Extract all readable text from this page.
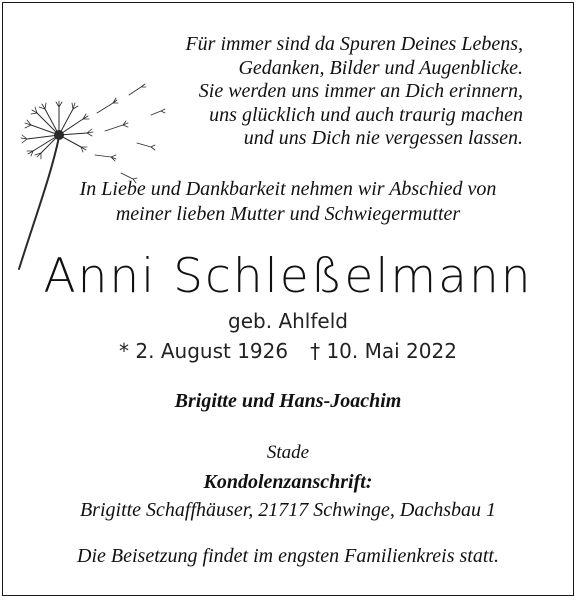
Für immer sind da Spuren Deines Lebens,
Gedanken, Bilder und Augenblicke.
Sie werden uns immer an Dich erinnern,
uns glücklich und auch traurig machen
und uns Dich nie vergessen lassen.
In Liebe und Dankbarkeit nehmen wir Abschied von
meiner lieben Mutter und Schwiegermutter
Anni Schleßelmann
geb. Ahlfeld
* 2. August 1926 † 10. Mai 2022
Brigitte und Hans-Joachim
Stade
Kondolenzanschrift:
Brigitte Schaffhäuser, 21717 Schwinge, Dachsbau 1
Die Beisetzung findet im engsten Familienkreis statt.
